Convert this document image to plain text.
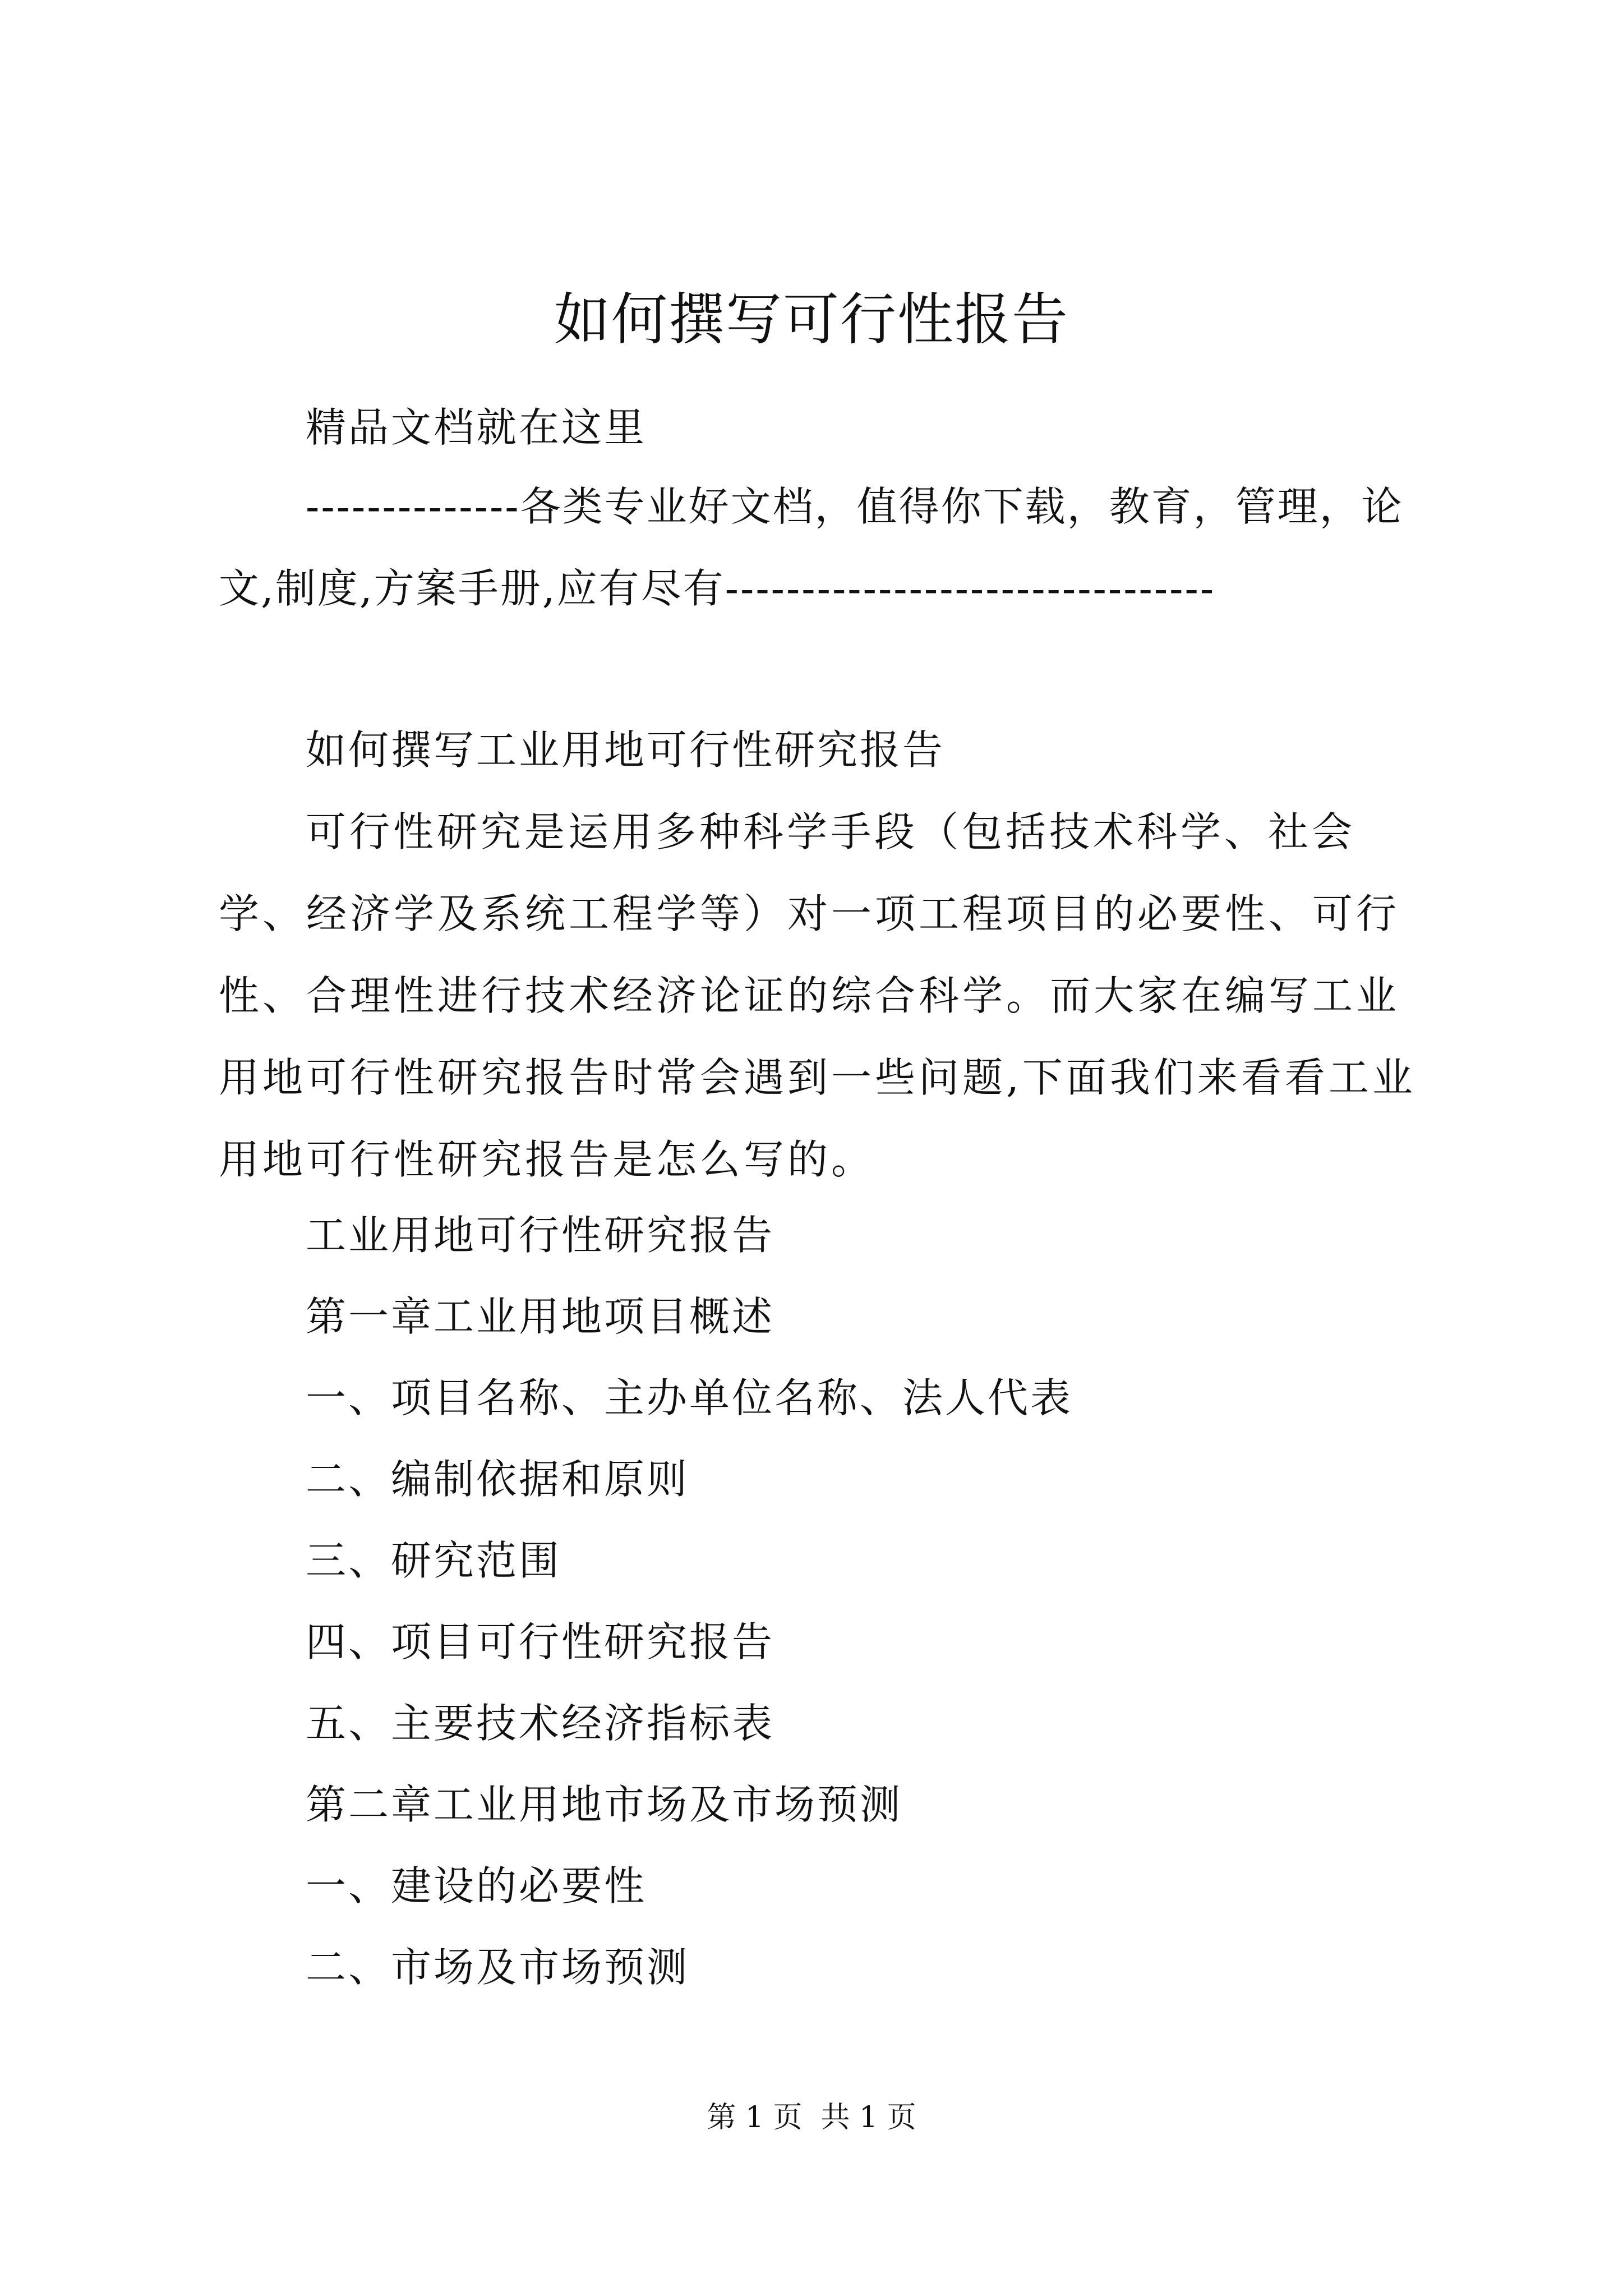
如何撰写可行性报告
精品文档就在这里
--------------各类专业好文档，值得你下载，教育，管理，论文,制度,方案手册,应有尽有--------------------------------
如何撰写工业用地可行性研究报告
可行性研究是运用多种科学手段（包括技术科学、社会学、经济学及系统工程学等）对一项工程项目的必要性、可行性、合理性进行技术经济论证的综合科学。而大家在编写工业用地可行性研究报告时常会遇到一些问题,下面我们来看看工业用地可行性研究报告是怎么写的。
工业用地可行性研究报告
第一章工业用地项目概述
一、项目名称、主办单位名称、法人代表
二、编制依据和原则
三、研究范围
四、项目可行性研究报告
五、主要技术经济指标表
第二章工业用地市场及市场预测
一、建设的必要性
二、市场及市场预测
第 1 页  共 1 页
